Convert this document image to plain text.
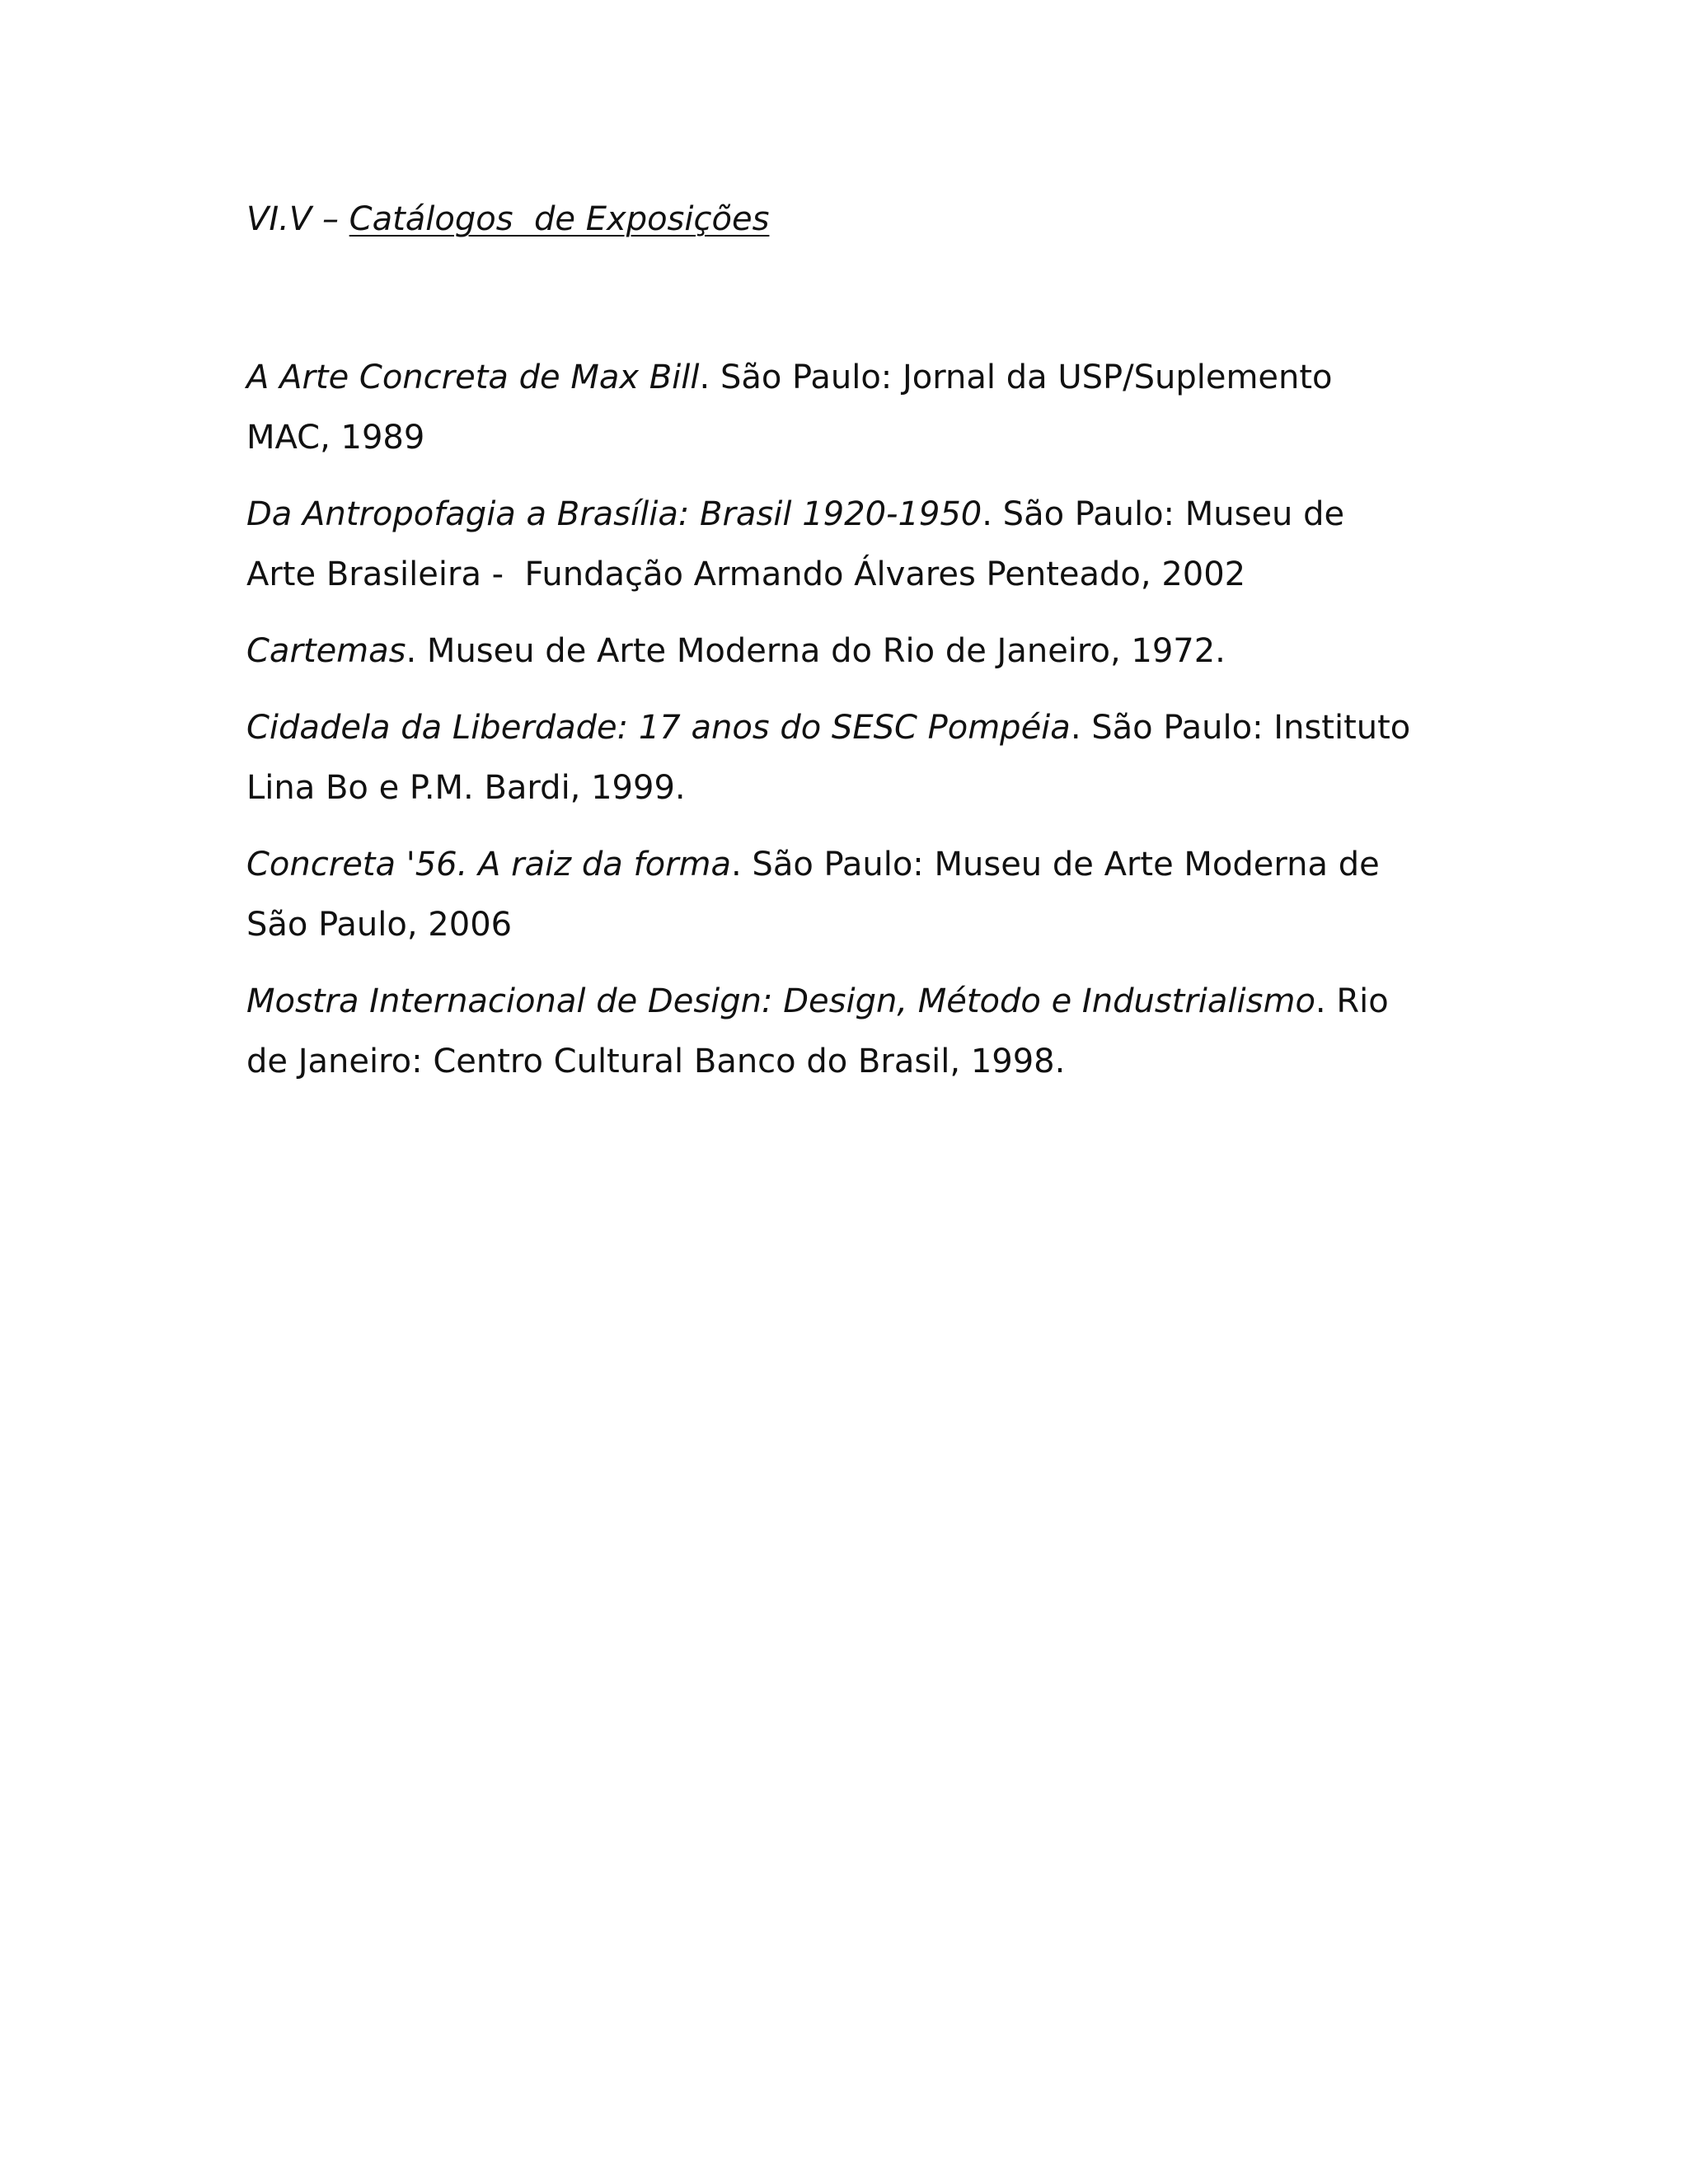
VI.V – Catálogos  de Exposições

A Arte Concreta de Max Bill. São Paulo: Jornal da USP/Suplemento
MAC, 1989

Da Antropofagia a Brasília: Brasil 1920-1950. São Paulo: Museu de
Arte Brasileira -  Fundação Armando Álvares Penteado, 2002

Cartemas. Museu de Arte Moderna do Rio de Janeiro, 1972.

Cidadela da Liberdade: 17 anos do SESC Pompéia. São Paulo: Instituto
Lina Bo e P.M. Bardi, 1999.

Concreta '56. A raiz da forma. São Paulo: Museu de Arte Moderna de
São Paulo, 2006

Mostra Internacional de Design: Design, Método e Industrialismo. Rio
de Janeiro: Centro Cultural Banco do Brasil, 1998.
